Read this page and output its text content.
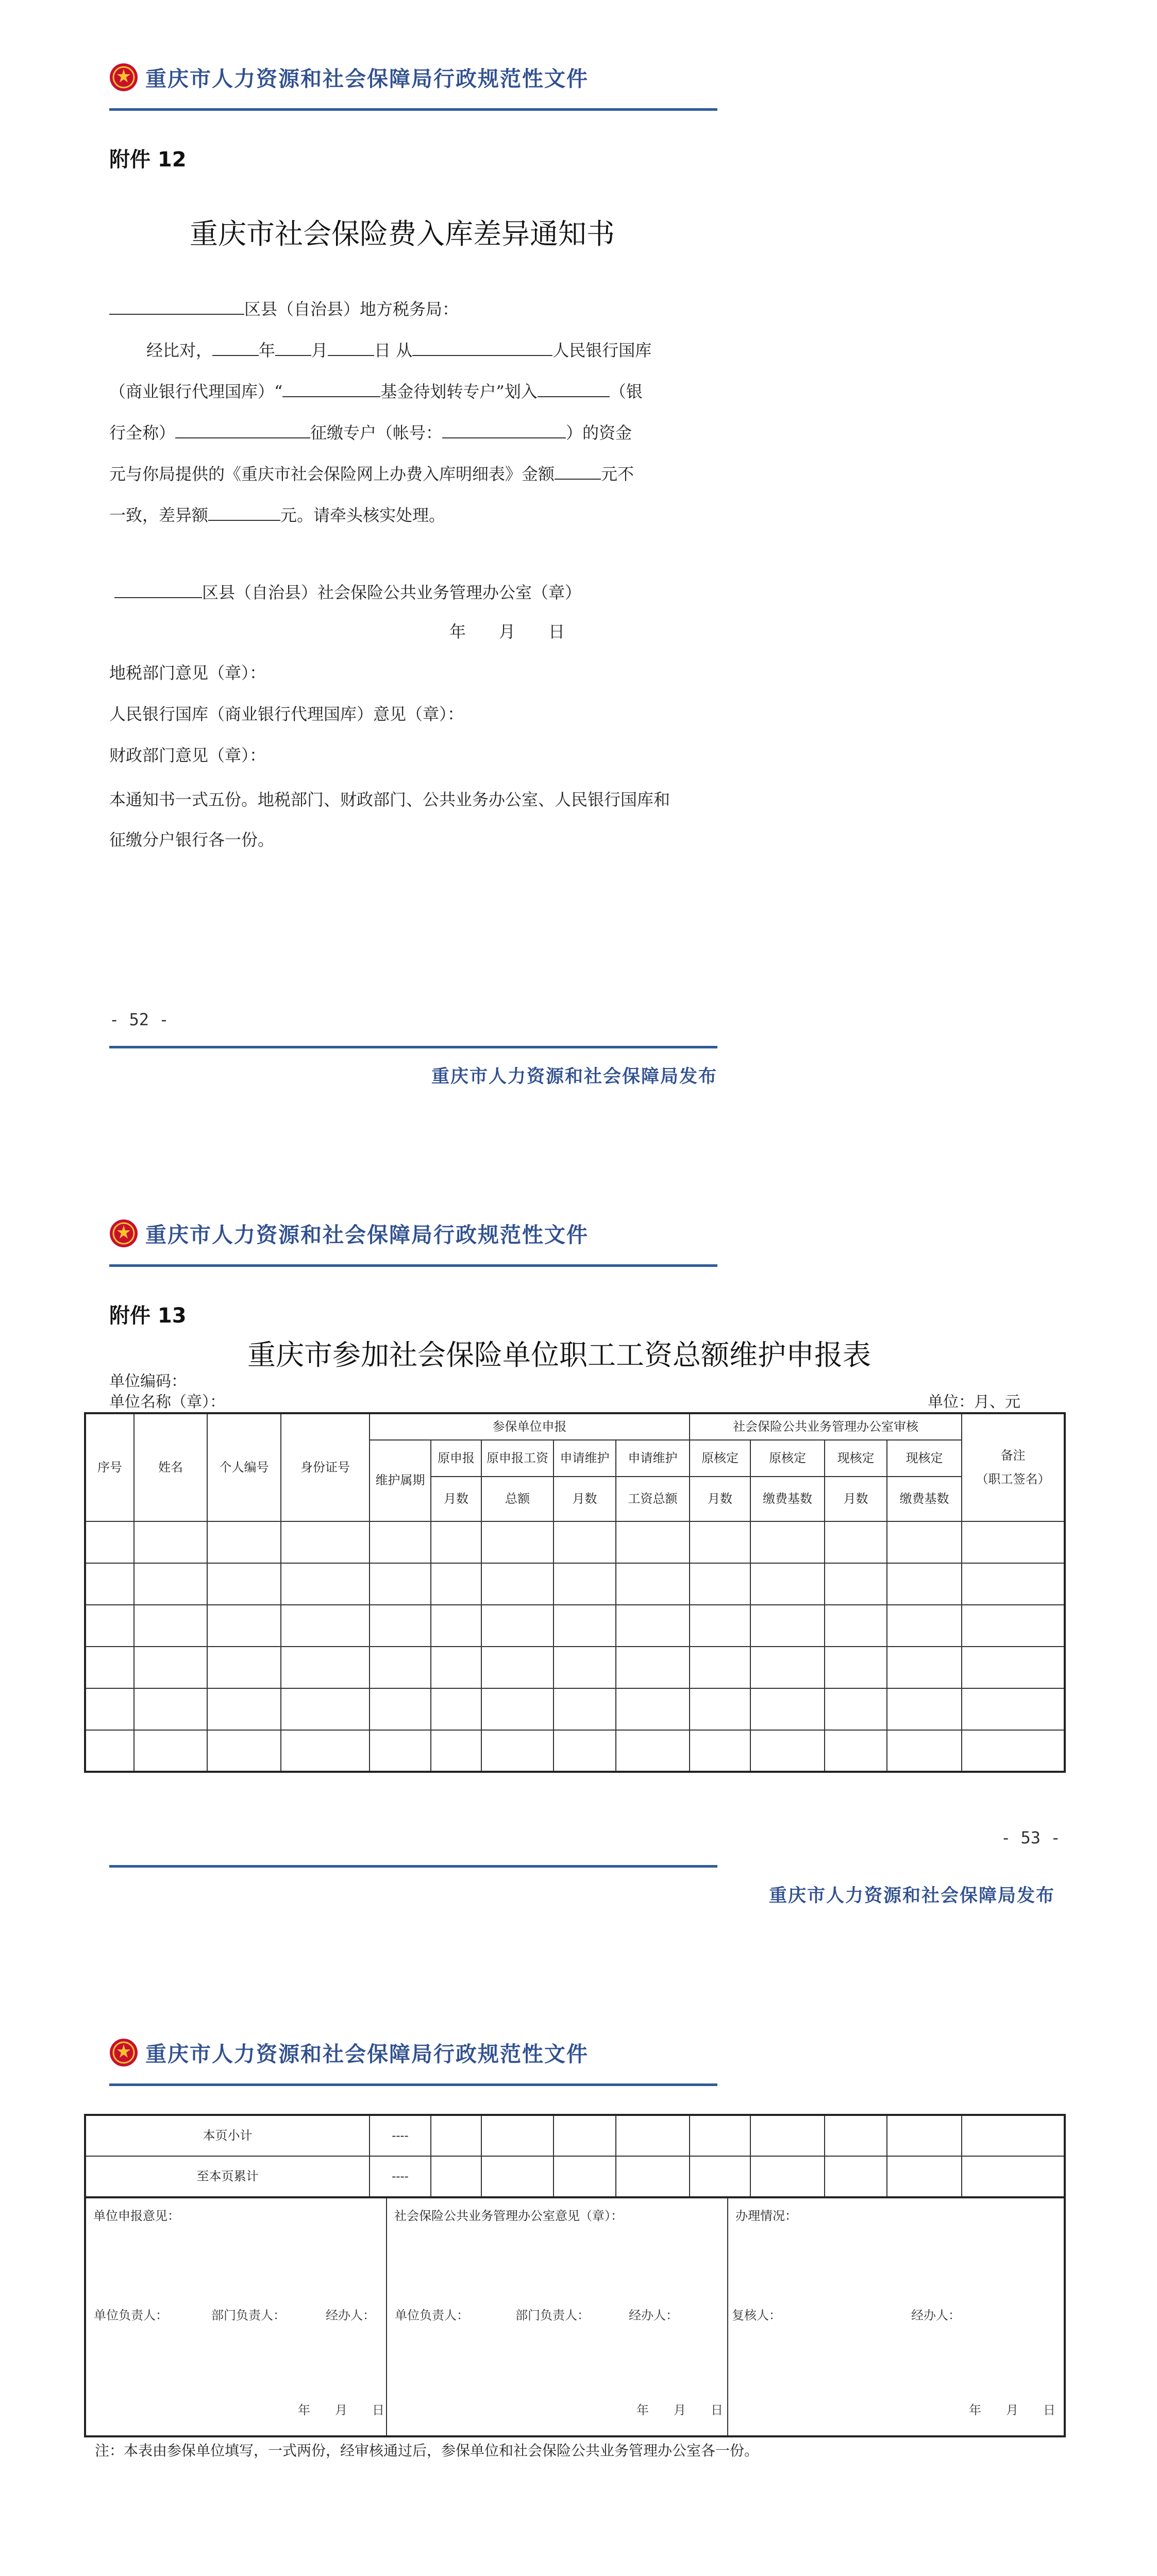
重庆市人力资源和社会保障局行政规范性文件
附件 12
重庆市社会保险费入库差异通知书
区县（自治县）地方税务局：
经比对，	年 月	日 从	人民银行国库
（商业银行代理国库）“	基金待划转专户”划入	（银
行全称）	征缴专户（帐号：	）的资金
元与你局提供的《重庆市社会保险网上办费入库明细表》金额	元不
一致，差异额	元。请牵头核实处理。
区县（自治县）社会保险公共业务管理办公室（章）
年　　月　　日
地税部门意见（章）：
人民银行国库（商业银行代理国库）意见（章）：
财政部门意见（章）：
本通知书一式五份。地税部门、财政部门、公共业务办公室、人民银行国库和
征缴分户银行各一份。
- 52 -
重庆市人力资源和社会保障局发布
重庆市人力资源和社会保障局行政规范性文件
附件 13
重庆市参加社会保险单位职工工资总额维护申报表
单位编码：
单位名称（章）：	单位：月、元
序号	姓名	个人编号	身份证号	参保单位申报					社会保险公共业务管理办公室审核				备注
（职工签名）

				维护属期	原申报	原申报工资	申请维护	申请维护	原核定	原核定	现核定	现核定	
					月数	总额	月数	工资总额	月数	缴费基数	月数	缴费基数	

- 53 -
重庆市人力资源和社会保障局发布
重庆市人力资源和社会保障局行政规范性文件
本页小计	----									
至本页累计	----									
单位申报意见：	社会保险公共业务管理办公室意见（章）：	办理情况：
单位负责人：	部门负责人：	经办人：
年　　月　　日
单位负责人：	部门负责人：	经办人：
年　　月　　日
复核人：	经办人：
年　　月　　日
注：本表由参保单位填写，一式两份，经审核通过后，参保单位和社会保险公共业务管理办公室各一份。
